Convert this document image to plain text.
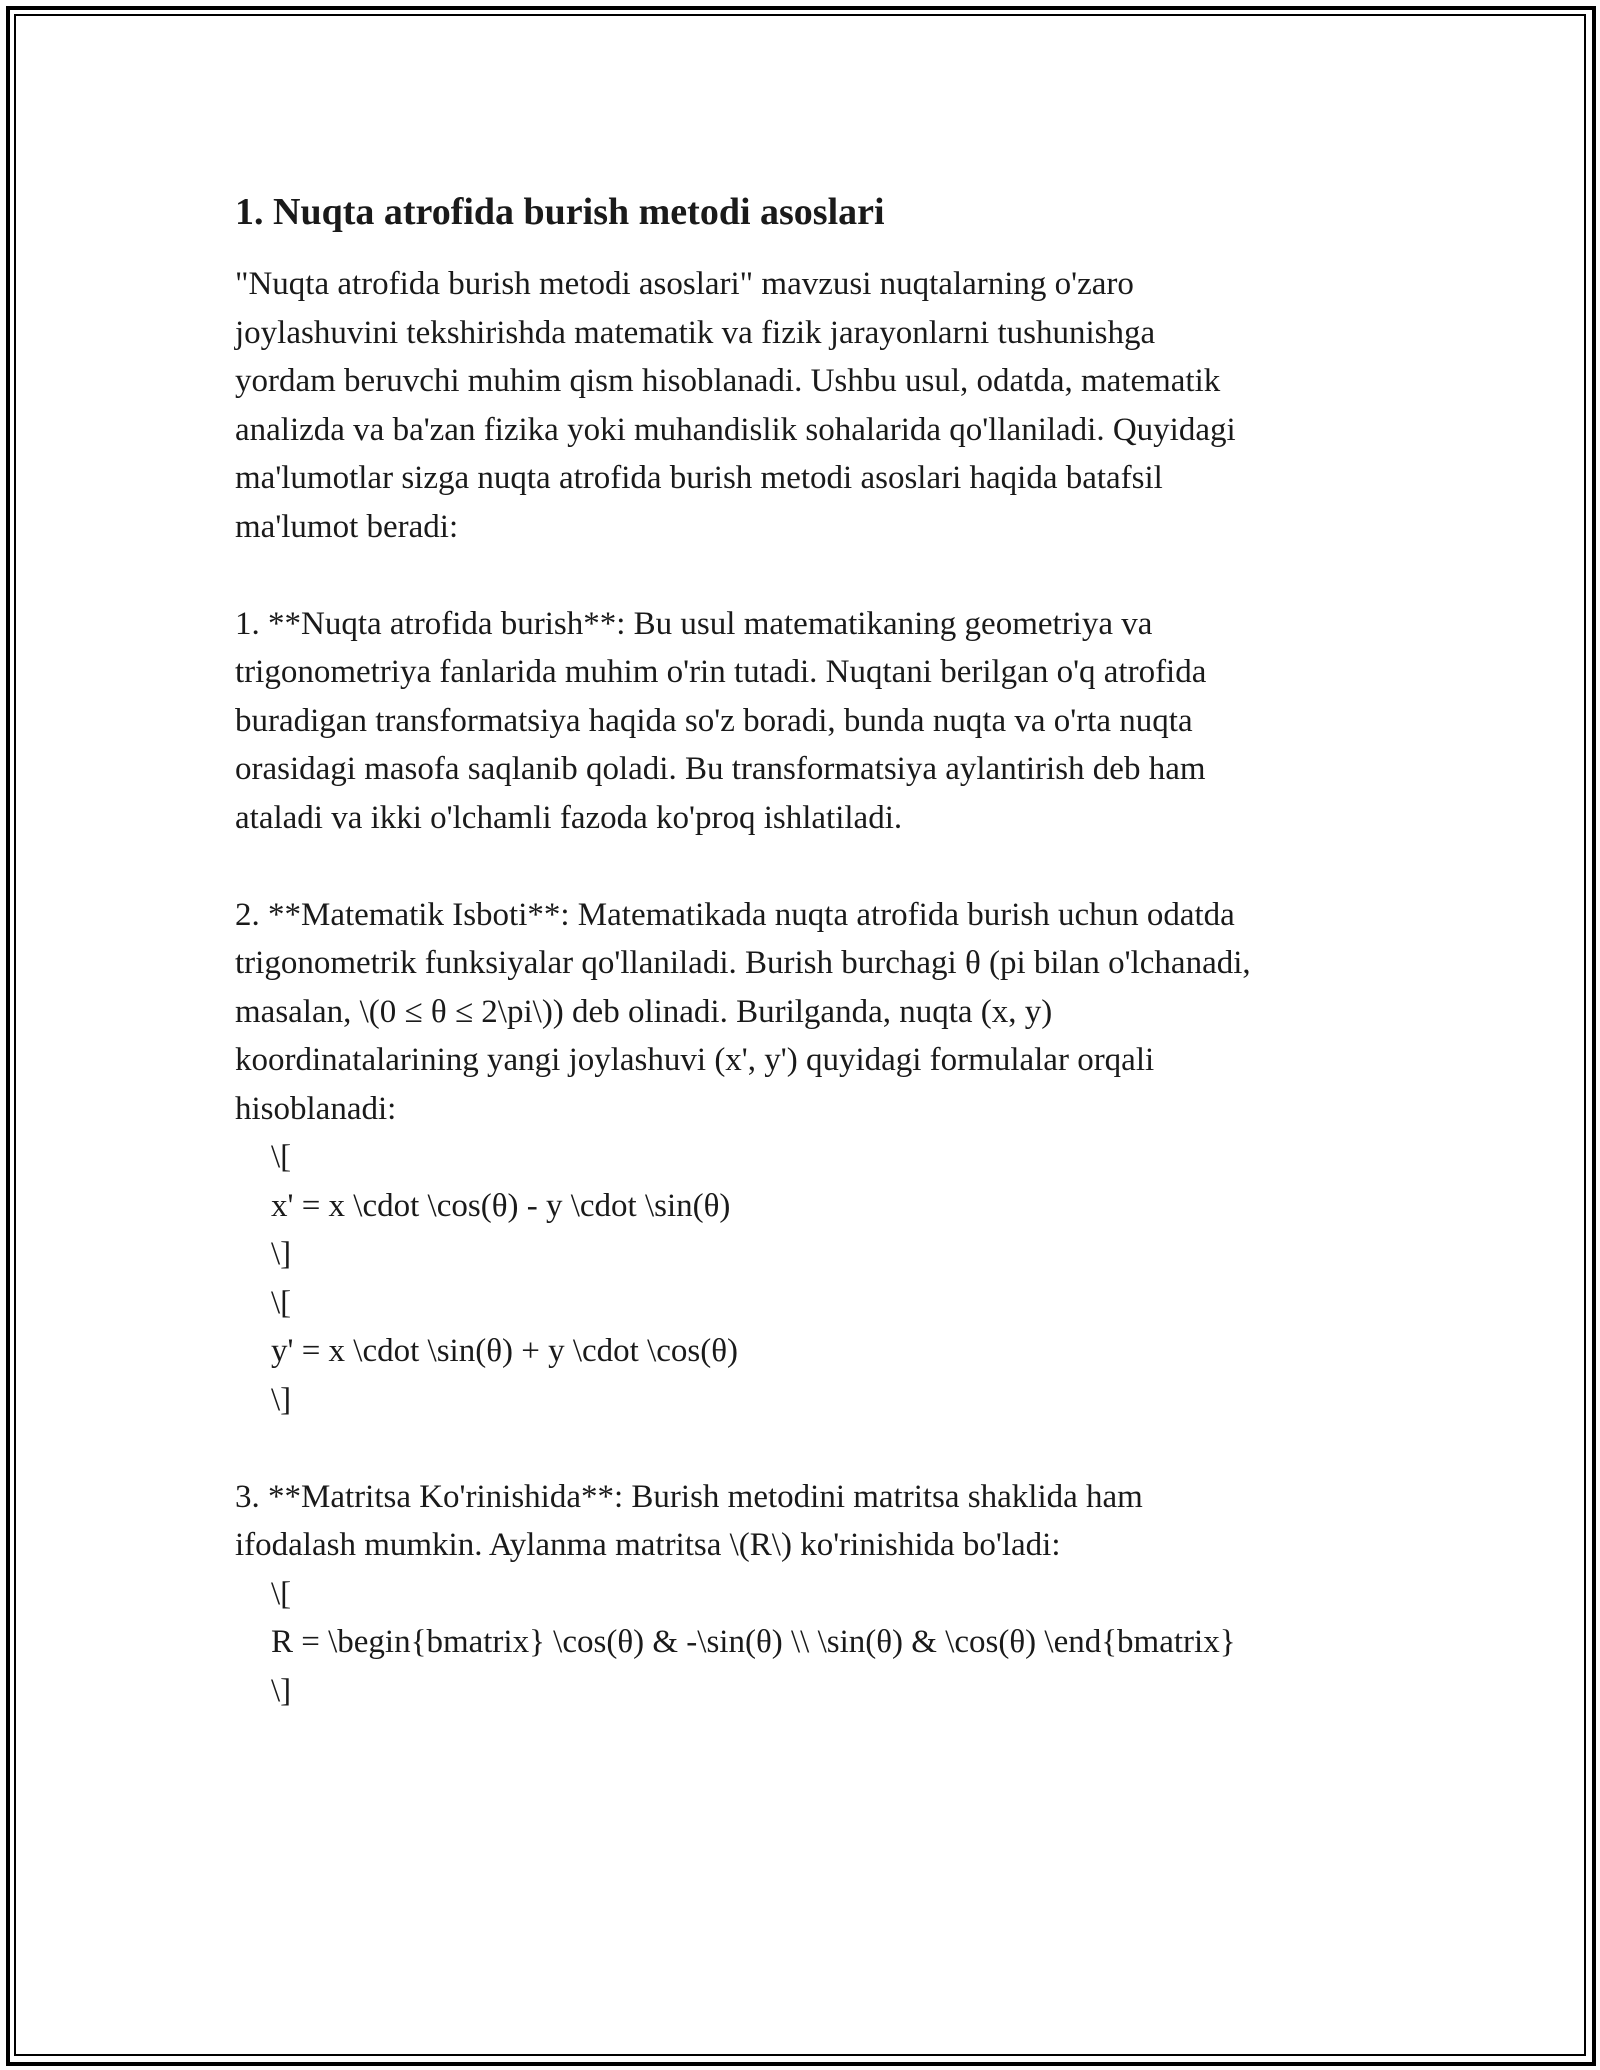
1. Nuqta atrofida burish metodi asoslari

"Nuqta atrofida burish metodi asoslari" mavzusi nuqtalarning o'zaro
joylashuvini tekshirishda matematik va fizik jarayonlarni tushunishga
yordam beruvchi muhim qism hisoblanadi. Ushbu usul, odatda, matematik
analizda va ba'zan fizika yoki muhandislik sohalarida qo'llaniladi. Quyidagi
ma'lumotlar sizga nuqta atrofida burish metodi asoslari haqida batafsil
ma'lumot beradi:

1. **Nuqta atrofida burish**: Bu usul matematikaning geometriya va
trigonometriya fanlarida muhim o'rin tutadi. Nuqtani berilgan o'q atrofida
buradigan transformatsiya haqida so'z boradi, bunda nuqta va o'rta nuqta
orasidagi masofa saqlanib qoladi. Bu transformatsiya aylantirish deb ham
ataladi va ikki o'lchamli fazoda ko'proq ishlatiladi.

2. **Matematik Isboti**: Matematikada nuqta atrofida burish uchun odatda
trigonometrik funksiyalar qo'llaniladi. Burish burchagi θ (pi bilan o'lchanadi,
masalan, \(0 ≤ θ ≤ 2\pi\)) deb olinadi. Burilganda, nuqta (x, y)
koordinatalarining yangi joylashuvi (x', y') quyidagi formulalar orqali
hisoblanadi:

\[
x' = x \cdot \cos(θ) - y \cdot \sin(θ)
\]
\[
y' = x \cdot \sin(θ) + y \cdot \cos(θ)
\]

3. **Matritsa Ko'rinishida**: Burish metodini matritsa shaklida ham
ifodalash mumkin. Aylanma matritsa \(R\) ko'rinishida bo'ladi:

\[
R = \begin{bmatrix} \cos(θ) & -\sin(θ) \\ \sin(θ) & \cos(θ) \end{bmatrix}
\]
